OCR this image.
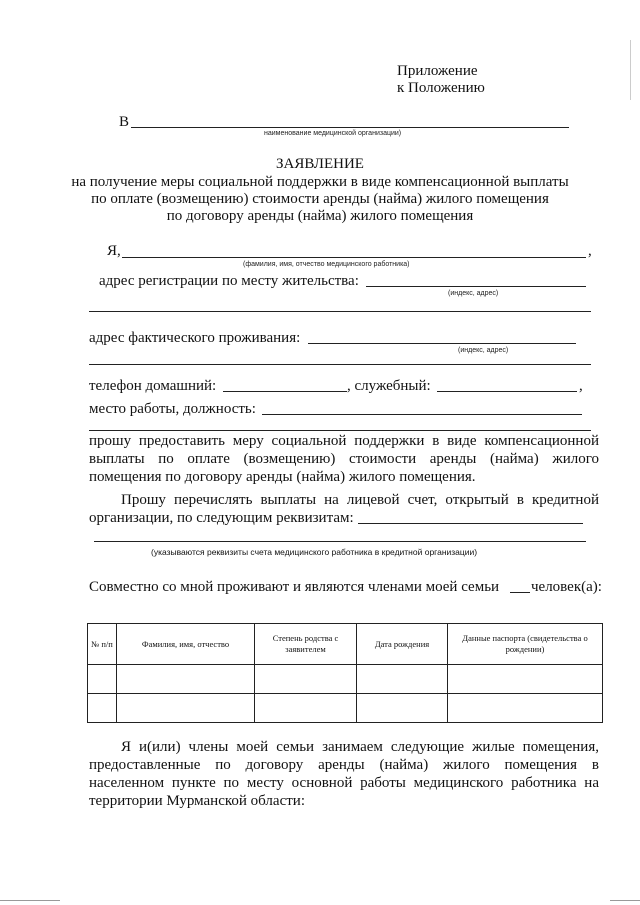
Приложение
к Положению
В
наименование медицинской организации)
ЗАЯВЛЕНИЕ
на получение меры социальной поддержки в виде компенсационной выплаты
по оплате (возмещению) стоимости аренды (найма) жилого помещения
по договору аренды (найма) жилого помещения
Я,	,
(фамилия, имя, отчество медицинского работника)
адрес регистрации по месту жительства:
(индекс, адрес)
адрес фактического проживания:
(индекс, адрес)
телефон домашний:	, служебный:	,
место работы, должность:
прошу предоставить меру социальной поддержки в виде компенсационной
выплаты по оплате (возмещению) стоимости аренды (найма) жилого
помещения по договору аренды (найма) жилого помещения.
Прошу перечислять выплаты на лицевой счет, открытый в кредитной
организации, по следующим реквизитам:
(указываются реквизиты счета медицинского работника в кредитной организации)
Совместно со мной проживают и являются членами моей семьи человек(а):
№ п/п	Фамилия, имя, отчество	Степень родства с заявителем	Дата рождения	Данные паспорта (свидетельства о рождении)

Я и(или) члены моей семьи занимаем следующие жилые помещения,
предоставленные по договору аренды (найма) жилого помещения в
населенном пункте по месту основной работы медицинского работника на
территории Мурманской области:
